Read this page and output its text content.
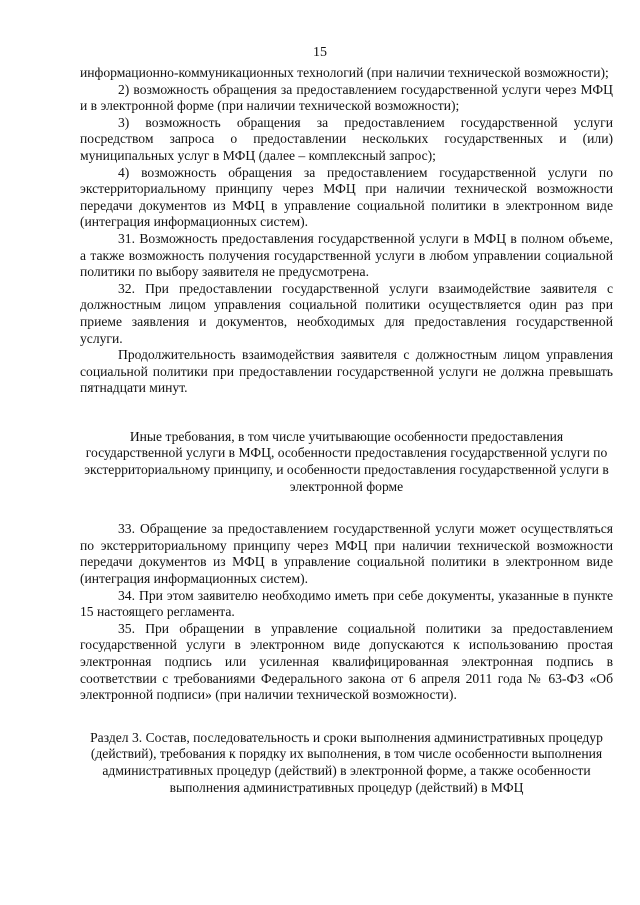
15

информационно-коммуникационных технологий (при наличии технической возможности);

2) возможность обращения за предоставлением государственной услуги через МФЦ и в электронной форме (при наличии технической возможности);

3) возможность обращения за предоставлением государственной услуги посредством запроса о предоставлении нескольких государственных и (или) муниципальных услуг в МФЦ (далее – комплексный запрос);

4) возможность обращения за предоставлением государственной услуги по экстерриториальному принципу через МФЦ при наличии технической возможности передачи документов из МФЦ в управление социальной политики в электронном виде (интеграция информационных систем).

31. Возможность предоставления государственной услуги в МФЦ в полном объеме, а также возможность получения государственной услуги в любом управлении социальной политики по выбору заявителя не предусмотрена.

32. При предоставлении государственной услуги взаимодействие заявителя с должностным лицом управления социальной политики осуществляется один раз при приеме заявления и документов, необходимых для предоставления государственной услуги.

Продолжительность взаимодействия заявителя с должностным лицом управления социальной политики при предоставлении государственной услуги не должна превышать пятнадцати минут.

Иные требования, в том числе учитывающие особенности предоставления государственной услуги в МФЦ, особенности предоставления государственной услуги по экстерриториальному принципу, и особенности предоставления государственной услуги в электронной форме

33. Обращение за предоставлением государственной услуги может осуществляться по экстерриториальному принципу через МФЦ при наличии технической возможности передачи документов из МФЦ в управление социальной политики в электронном виде (интеграция информационных систем).

34. При этом заявителю необходимо иметь при себе документы, указанные в пункте 15 настоящего регламента.

35. При обращении в управление социальной политики за предоставлением государственной услуги в электронном виде допускаются к использованию простая электронная подпись или усиленная квалифицированная электронная подпись в соответствии с требованиями Федерального закона от 6 апреля 2011 года № 63-ФЗ «Об электронной подписи» (при наличии технической возможности).

Раздел 3. Состав, последовательность и сроки выполнения административных процедур (действий), требования к порядку их выполнения, в том числе особенности выполнения административных процедур (действий) в электронной форме, а также особенности выполнения административных процедур (действий) в МФЦ
